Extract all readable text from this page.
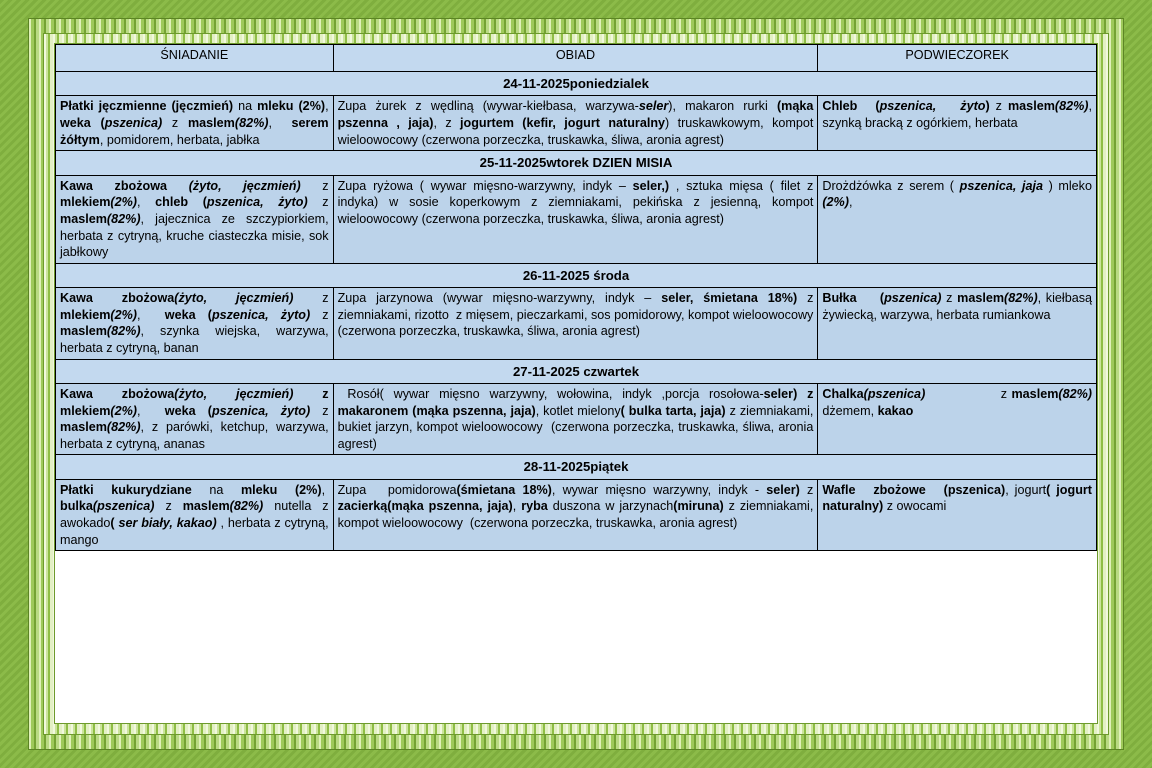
ŚNIADANIE	OBIAD	PODWIECZOREK
24-11-2025poniedzialek		

Płatki jęczmienne (jęczmień) na mleku (2%), weka (pszenica) z maslem(82%),  serem żółtym, pomidorem, herbata, jabłka	Zupa żurek z wędliną (wywar-kiełbasa, warzywa-seler), makaron rurki (mąka pszenna , jaja), z jogurtem (kefir, jogurt naturalny) truskawkowym, kompot wieloowocowy (czerwona porzeczka, truskawka, śliwa, aronia agrest)	Chleb   (pszenica,    żyto) z maslem(82%), szynką bracką z ogórkiem, herbata

25-11-2025wtorek DZIEN MISIA		

Kawa zbożowa (żyto, jęczmień) z mlekiem(2%), chleb (pszenica, żyto) z maslem(82%), jajecznica ze szczypiorkiem, herbata z cytryną, kruche ciasteczka misie, sok jabłkowy	Zupa ryżowa ( wywar mięsno-warzywny, indyk – seler,) , sztuka mięsa ( filet z indyka) w sosie koperkowym z ziemniakami, pekińska z jesienną, kompot wieloowocowy (czerwona porzeczka, truskawka, śliwa, aronia agrest)	Drożdżówka z serem ( pszenica, jaja ) mleko (2%),

26-11-2025 środa		

Kawa zbożowa(żyto, jęczmień) z mlekiem(2%),  weka (pszenica, żyto) z maslem(82%), szynka wiejska, warzywa, herbata z cytryną, banan	Zupa jarzynowa (wywar mięsno-warzywny, indyk – seler, śmietana 18%) z ziemniakami, rizotto  z mięsem, pieczarkami, sos pomidorowy, kompot wieloowocowy (czerwona porzeczka, truskawka, śliwa, aronia agrest)	Bułka     (pszenica) z maslem(82%), kiełbasą żywiecką, warzywa, herbata rumiankowa

27-11-2025 czwartek		

Kawa zbożowa(żyto, jęczmień) z mlekiem(2%),  weka (pszenica, żyto) z maslem(82%), z parówki, ketchup, warzywa, herbata z cytryną, ananas	Rosół( wywar mięsno warzywny, wołowina, indyk ,porcja rosołowa-seler) z makaronem (mąka pszenna, jaja), kotlet mielony( bulka tarta, jaja) z ziemniakami, bukiet jarzyn, kompot wieloowocowy  (czerwona porzeczka, truskawka, śliwa, aronia agrest)	Chalka(pszenica)                 z maslem(82%) dżemem, kakao

28-11-2025piątek		

Płatki kukurydziane na mleku (2%),  bulka(pszenica) z maslem(82%) nutella z awokado( ser biały, kakao) , herbata z cytryną, mango	Zupa   pomidorowa(śmietana 18%), wywar mięsno warzywny, indyk - seler) z zacierką(mąka pszenna, jaja), ryba duszona w jarzynach(miruna) z ziemniakami, kompot wieloowocowy  (czerwona porzeczka, truskawka, aronia agrest)	Wafle   zbożowe   (pszenica), jogurt( jogurt naturalny) z owocami
